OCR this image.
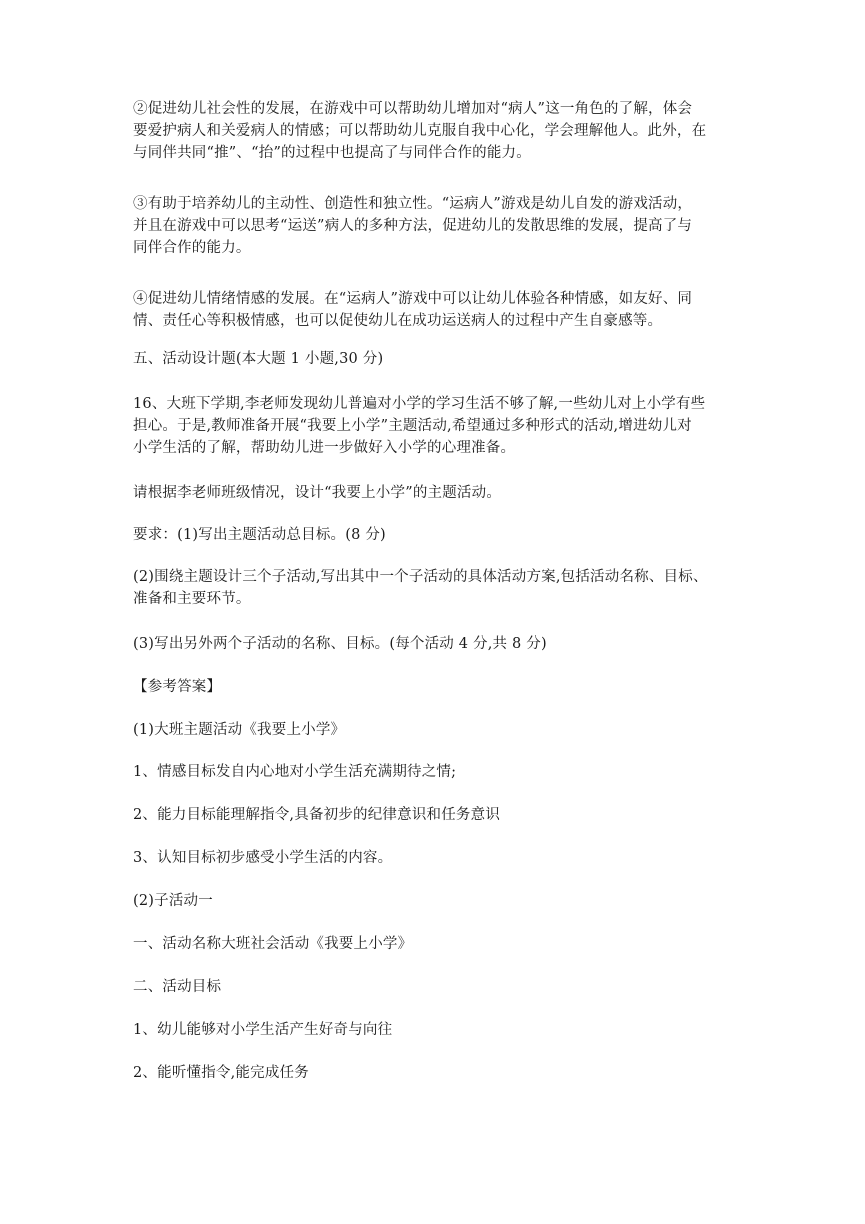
②促进幼儿社会性的发展，在游戏中可以帮助幼儿增加对“病人”这一角色的了解，体会
要爱护病人和关爱病人的情感；可以帮助幼儿克服自我中心化，学会理解他人。此外，在
与同伴共同“推”、“抬”的过程中也提高了与同伴合作的能力。

③有助于培养幼儿的主动性、创造性和独立性。“运病人”游戏是幼儿自发的游戏活动，
并且在游戏中可以思考“运送”病人的多种方法，促进幼儿的发散思维的发展，提高了与
同伴合作的能力。

④促进幼儿情绪情感的发展。在“运病人”游戏中可以让幼儿体验各种情感，如友好、同
情、责任心等积极情感，也可以促使幼儿在成功运送病人的过程中产生自豪感等。

五、活动设计题(本大题 1 小题,30 分)

16、大班下学期,李老师发现幼儿普遍对小学的学习生活不够了解,一些幼儿对上小学有些
担心。于是,教师准备开展“我要上小学”主题活动,希望通过多种形式的活动,增进幼儿对
小学生活的了解，帮助幼儿进一步做好入小学的心理准备。

请根据李老师班级情况，设计“我要上小学”的主题活动。

要求：(1)写出主题活动总目标。(8 分)

(2)围绕主题设计三个子活动,写出其中一个子活动的具体活动方案,包括活动名称、目标、
准备和主要环节。

(3)写出另外两个子活动的名称、目标。(每个活动 4 分,共 8 分)

【参考答案】

(1)大班主题活动《我要上小学》

1、情感目标发自内心地对小学生活充满期待之情;

2、能力目标能理解指令,具备初步的纪律意识和任务意识

3、认知目标初步感受小学生活的内容。

(2)子活动一

一、活动名称大班社会活动《我要上小学》

二、活动目标

1、幼儿能够对小学生活产生好奇与向往

2、能听懂指令,能完成任务
